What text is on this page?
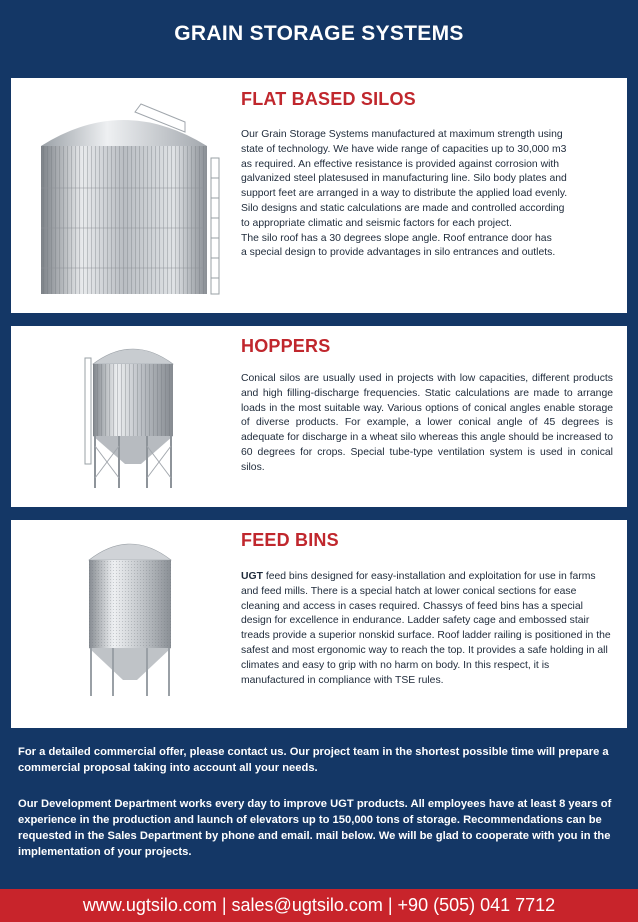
GRAIN STORAGE SYSTEMS
FLAT BASED SILOS

Our Grain Storage Systems manufactured at maximum strength using
state of technology. We have wide range of capacities up to 30,000 m3
as required. An effective resistance is provided against corrosion with
galvanized steel platesused in manufacturing line. Silo body plates and
support feet are arranged in a way to distribute the applied load evenly.
Silo designs and static calculations are made and controlled according
to appropriate climatic and seismic factors for each project.
The silo roof has a 30 degrees slope angle. Roof entrance door has
a special design to provide advantages in silo entrances and outlets.

HOPPERS

Conical silos are usually used in projects with low capacities, different products and high filling-discharge frequencies. Static calculations are made to arrange loads in the most suitable way. Various options of conical angles enable storage of diverse products. For example, a lower conical angle of 45 degrees is adequate for discharge in a wheat silo whereas this angle should be increased to 60 degrees for crops. Special tube-type ventilation system is used in conical silos.

FEED BINS

UGT feed bins designed for easy-installation and exploitation for use in farms and feed mills. There is a special hatch at lower conical sections for ease cleaning and access in cases required. Chassys of feed bins has a special design for excellence in endurance. Ladder safety cage and embossed stair treads provide a superior nonskid surface. Roof ladder railing is positioned in the safest and most ergonomic way to reach the top. It provides a safe holding in all climates and easy to grip with no harm on body. In this respect, it is manufactured in compliance with TSE rules.

For a detailed commercial offer, please contact us. Our project team in the shortest possible time will prepare a commercial proposal taking into account all your needs.
Our Development Department works every day to improve UGT products. All employees have at least 8 years of experience in the production and launch of elevators up to 150,000 tons of storage. Recommendations can be requested in the Sales Department by phone and email. mail below. We will be glad to cooperate with you in the implementation of your projects.
www.ugtsilo.com | sales@ugtsilo.com | +90 (505) 041 7712
